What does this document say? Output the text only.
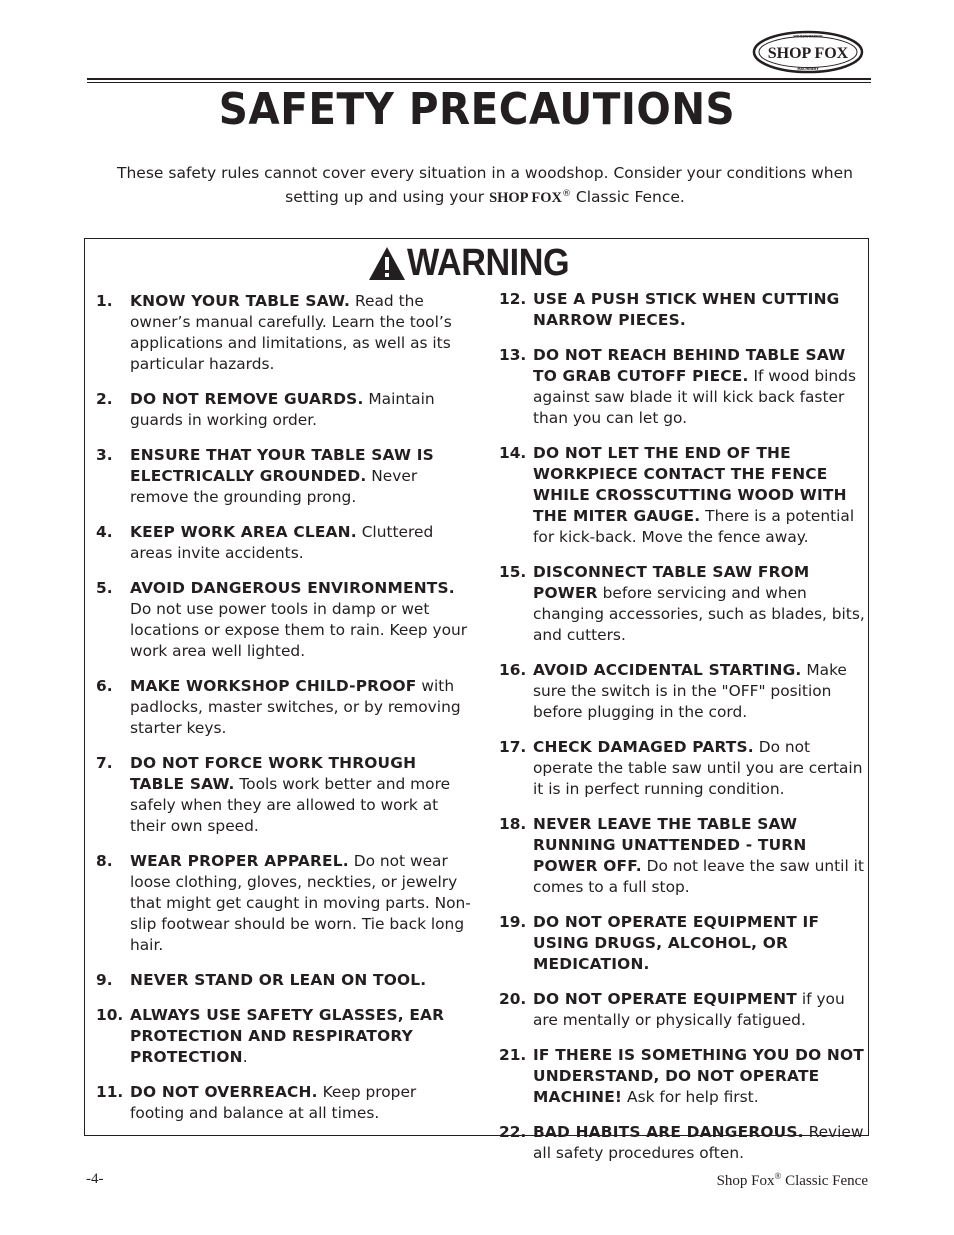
WOODWORKING
SHOP FOX
MACHINERY
SAFETY PRECAUTIONS
These safety rules cannot cover every situation in a woodshop. Consider your conditions when setting up and using your SHOP FOX® Classic Fence.
WARNING
1. KNOW YOUR TABLE SAW. Read the owner’s manual carefully. Learn the tool’s applications and limitations, as well as its particular hazards.
2. DO NOT REMOVE GUARDS. Maintain guards in working order.
3. ENSURE THAT YOUR TABLE SAW IS ELECTRICALLY GROUNDED. Never remove the grounding prong.
4. KEEP WORK AREA CLEAN. Cluttered areas invite accidents.
5. AVOID DANGEROUS ENVIRONMENTS. Do not use power tools in damp or wet locations or expose them to rain. Keep your work area well lighted.
6. MAKE WORKSHOP CHILD-PROOF with padlocks, master switches, or by removing starter keys.
7. DO NOT FORCE WORK THROUGH TABLE SAW. Tools work better and more safely when they are allowed to work at their own speed.
8. WEAR PROPER APPAREL. Do not wear loose clothing, gloves, neckties, or jewelry that might get caught in moving parts. Non-slip footwear should be worn. Tie back long hair.
9. NEVER STAND OR LEAN ON TOOL.
10. ALWAYS USE SAFETY GLASSES, EAR PROTECTION AND RESPIRATORY PROTECTION.
11. DO NOT OVERREACH. Keep proper footing and balance at all times.
12. USE A PUSH STICK WHEN CUTTING NARROW PIECES.
13. DO NOT REACH BEHIND TABLE SAW TO GRAB CUTOFF PIECE. If wood binds against saw blade it will kick back faster than you can let go.
14. DO NOT LET THE END OF THE WORKPIECE CONTACT THE FENCE WHILE CROSSCUTTING WOOD WITH THE MITER GAUGE. There is a potential for kick-back. Move the fence away.
15. DISCONNECT TABLE SAW FROM POWER before servicing and when changing accessories, such as blades, bits, and cutters.
16. AVOID ACCIDENTAL STARTING. Make sure the switch is in the "OFF" position before plugging in the cord.
17. CHECK DAMAGED PARTS. Do not operate the table saw until you are certain it is in perfect running condition.
18. NEVER LEAVE THE TABLE SAW RUNNING UNATTENDED - TURN POWER OFF. Do not leave the saw until it comes to a full stop.
19. DO NOT OPERATE EQUIPMENT IF USING DRUGS, ALCOHOL, OR MEDICATION.
20. DO NOT OPERATE EQUIPMENT if you are mentally or physically fatigued.
21. IF THERE IS SOMETHING YOU DO NOT UNDERSTAND, DO NOT OPERATE MACHINE! Ask for help first.
22. BAD HABITS ARE DANGEROUS. Review all safety procedures often.
-4-	Shop Fox® Classic Fence
